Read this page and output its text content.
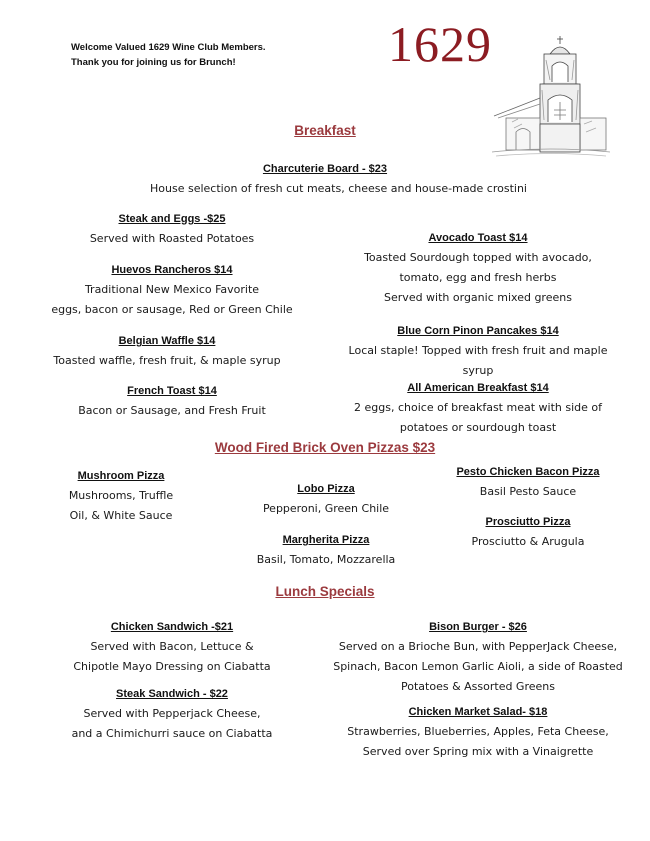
Welcome Valued 1629 Wine Club Members.
Thank you for joining us for Brunch!	1629
Breakfast
Charcuterie Board - $23
House selection of fresh cut meats, cheese and house-made crostini
Steak and Eggs -$25
Served with Roasted Potatoes
Huevos Rancheros $14
Traditional New Mexico Favorite
eggs, bacon or sausage, Red or Green Chile
Belgian Waffle $14
Toasted waffle, fresh fruit, & maple syrup
French Toast $14
Bacon or Sausage, and Fresh Fruit
Avocado Toast $14
Toasted Sourdough topped with avocado,
tomato, egg and fresh herbs
Served with organic mixed greens
Blue Corn Pinon Pancakes $14
Local staple! Topped with fresh fruit and maple
syrup
All American Breakfast $14
2 eggs, choice of breakfast meat with side of
potatoes or sourdough toast
Wood Fired Brick Oven Pizzas $23
Mushroom Pizza
Mushrooms, Truffle
Oil, & White Sauce
Lobo Pizza
Pepperoni, Green Chile
Margherita Pizza
Basil, Tomato, Mozzarella
Pesto Chicken Bacon Pizza
Basil Pesto Sauce
Prosciutto Pizza
Prosciutto & Arugula
Lunch Specials
Chicken Sandwich -$21
Served with Bacon, Lettuce &
Chipotle Mayo Dressing on Ciabatta
Steak Sandwich - $22
Served with Pepperjack Cheese,
and a Chimichurri sauce on Ciabatta
Bison Burger - $26
Served on a Brioche Bun, with PepperJack Cheese,
Spinach, Bacon Lemon Garlic Aioli, a side of Roasted
Potatoes & Assorted Greens
Chicken Market Salad- $18
Strawberries, Blueberries, Apples, Feta Cheese,
Served over Spring mix with a Vinaigrette
